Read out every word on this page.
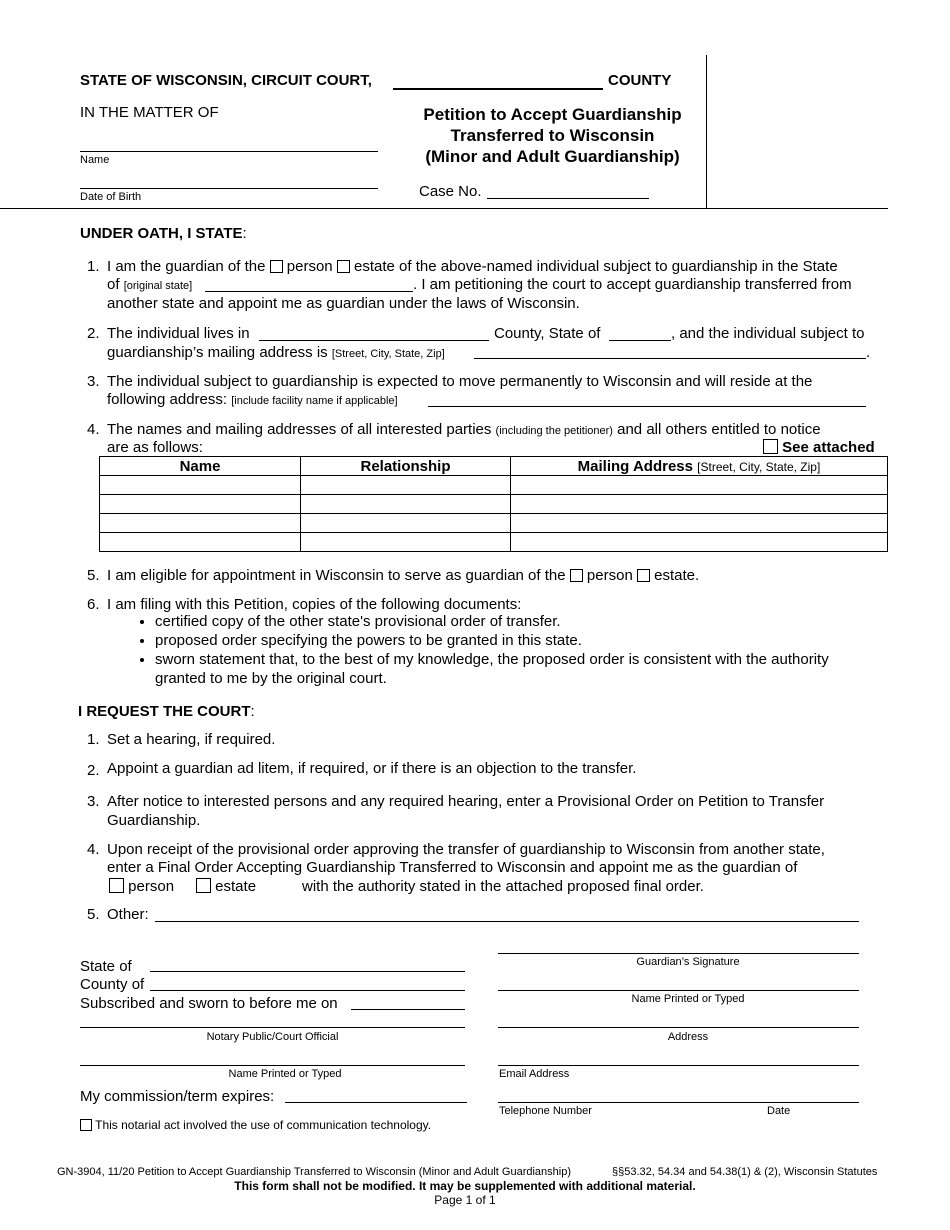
STATE OF WISCONSIN, CIRCUIT COURT,	COUNTY
IN THE MATTER OF
Name
Date of Birth
Petition to Accept Guardianship
Transferred to Wisconsin
(Minor and Adult Guardianship)
Case No.
UNDER OATH, I STATE:
1. I am the guardian of the person estate of the above-named individual subject to guardianship in the State
of [original state]	. I am petitioning the court to accept guardianship transferred from
another state and appoint me as guardian under the laws of Wisconsin.
2. The individual lives in	County, State of	, and the individual subject to
guardianship’s mailing address is [Street, City, State, Zip]	.
3. The individual subject to guardianship is expected to move permanently to Wisconsin and will reside at the
following address: [include facility name if applicable]
4. The names and mailing addresses of all interested parties (including the petitioner) and all others entitled to notice
are as follows:	See attached
Name	Relationship	Mailing Address [Street, City, State, Zip]

5. I am eligible for appointment in Wisconsin to serve as guardian of the person estate.
6. I am filing with this Petition, copies of the following documents:
• certified copy of the other state's provisional order of transfer.
• proposed order specifying the powers to be granted in this state.
• sworn statement that, to the best of my knowledge, the proposed order is consistent with the authority
granted to me by the original court.
I REQUEST THE COURT:
1. Set a hearing, if required.
2. Appoint a guardian ad litem, if required, or if there is an objection to the transfer.
3. After notice to interested persons and any required hearing, enter a Provisional Order on Petition to Transfer
Guardianship.
4. Upon receipt of the provisional order approving the transfer of guardianship to Wisconsin from another state,
enter a Final Order Accepting Guardianship Transferred to Wisconsin and appoint me as the guardian of
person	estate	with the authority stated in the attached proposed final order.
5. Other:
State of
County of
Subscribed and sworn to before me on
Notary Public/Court Official
Name Printed or Typed
My commission/term expires:
This notarial act involved the use of communication technology.
Guardian’s Signature
Name Printed or Typed
Address
Email Address
Telephone Number	Date
GN-3904, 11/20 Petition to Accept Guardianship Transferred to Wisconsin (Minor and Adult Guardianship)	§§53.32, 54.34 and 54.38(1) & (2), Wisconsin Statutes
This form shall not be modified. It may be supplemented with additional material.
Page 1 of 1
